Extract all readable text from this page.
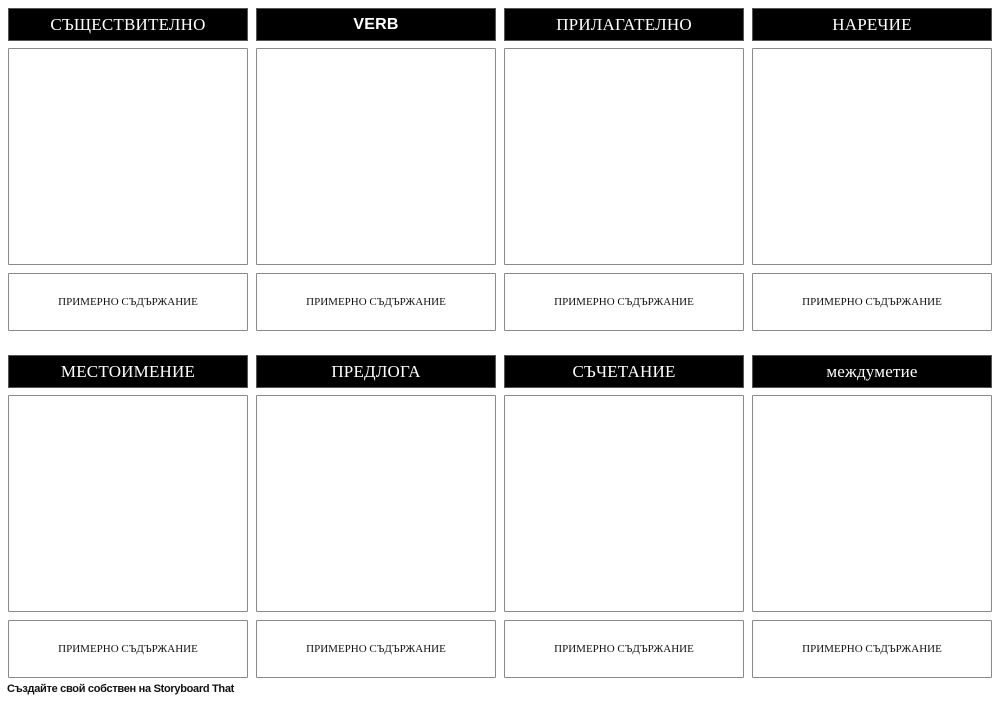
СЪЩЕСТВИТЕЛНО
ПРИМЕРНО СЪДЪРЖАНИЕ
VERB
ПРИМЕРНО СЪДЪРЖАНИЕ
ПРИЛАГАТЕЛНО
ПРИМЕРНО СЪДЪРЖАНИЕ
НАРЕЧИЕ
ПРИМЕРНО СЪДЪРЖАНИЕ
МЕСТОИМЕНИЕ
ПРИМЕРНО СЪДЪРЖАНИЕ
ПРЕДЛОГА
ПРИМЕРНО СЪДЪРЖАНИЕ
СЪЧЕТАНИЕ
ПРИМЕРНО СЪДЪРЖАНИЕ
междуметие
ПРИМЕРНО СЪДЪРЖАНИЕ
Създайте свой собствен на Storyboard That
